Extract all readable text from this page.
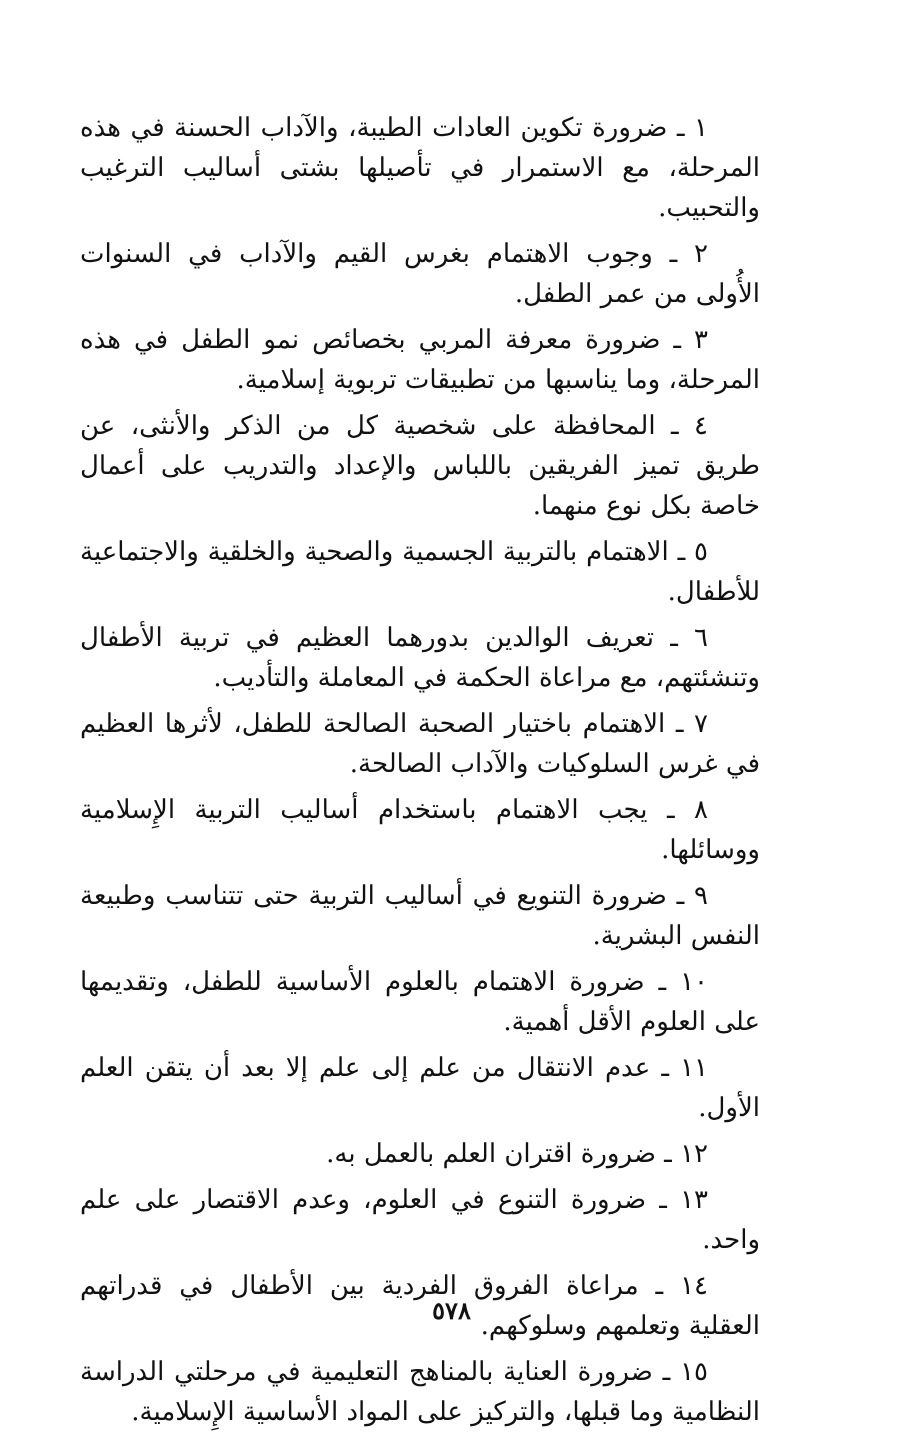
١ ـ ضرورة تكوين العادات الطيبة، والآداب الحسنة في هذه المرحلة، مع الاستمرار في تأصيلها بشتى أساليب الترغيب والتحبيب.

٢ ـ وجوب الاهتمام بغرس القيم والآداب في السنوات الأُولى من عمر الطفل.

٣ ـ ضرورة معرفة المربي بخصائص نمو الطفل في هذه المرحلة، وما يناسبها من تطبيقات تربوية إسلامية.

٤ ـ المحافظة على شخصية كل من الذكر والأنثى، عن طريق تميز الفريقين باللباس والإعداد والتدريب على أعمال خاصة بكل نوع منهما.

٥ ـ الاهتمام بالتربية الجسمية والصحية والخلقية والاجتماعية للأطفال.

٦ ـ تعريف الوالدين بدورهما العظيم في تربية الأطفال وتنشئتهم، مع مراعاة الحكمة في المعاملة والتأديب.

٧ ـ الاهتمام باختيار الصحبة الصالحة للطفل، لأثرها العظيم في غرس السلوكيات والآداب الصالحة.

٨ ـ يجب الاهتمام باستخدام أساليب التربية الإِسلامية ووسائلها.

٩ ـ ضرورة التنويع في أساليب التربية حتى تتناسب وطبيعة النفس البشرية.

١٠ ـ ضرورة الاهتمام بالعلوم الأساسية للطفل، وتقديمها على العلوم الأقل أهمية.

١١ ـ عدم الانتقال من علم إلى علم إلا بعد أن يتقن العلم الأول.

١٢ ـ ضرورة اقتران العلم بالعمل به.

١٣ ـ ضرورة التنوع في العلوم، وعدم الاقتصار على علم واحد.

١٤ ـ مراعاة الفروق الفردية بين الأطفال في قدراتهم العقلية وتعلمهم وسلوكهم.

١٥ ـ ضرورة العناية بالمناهج التعليمية في مرحلتي الدراسة النظامية وما قبلها، والتركيز على المواد الأساسية الإِسلامية.

٥٧٨
